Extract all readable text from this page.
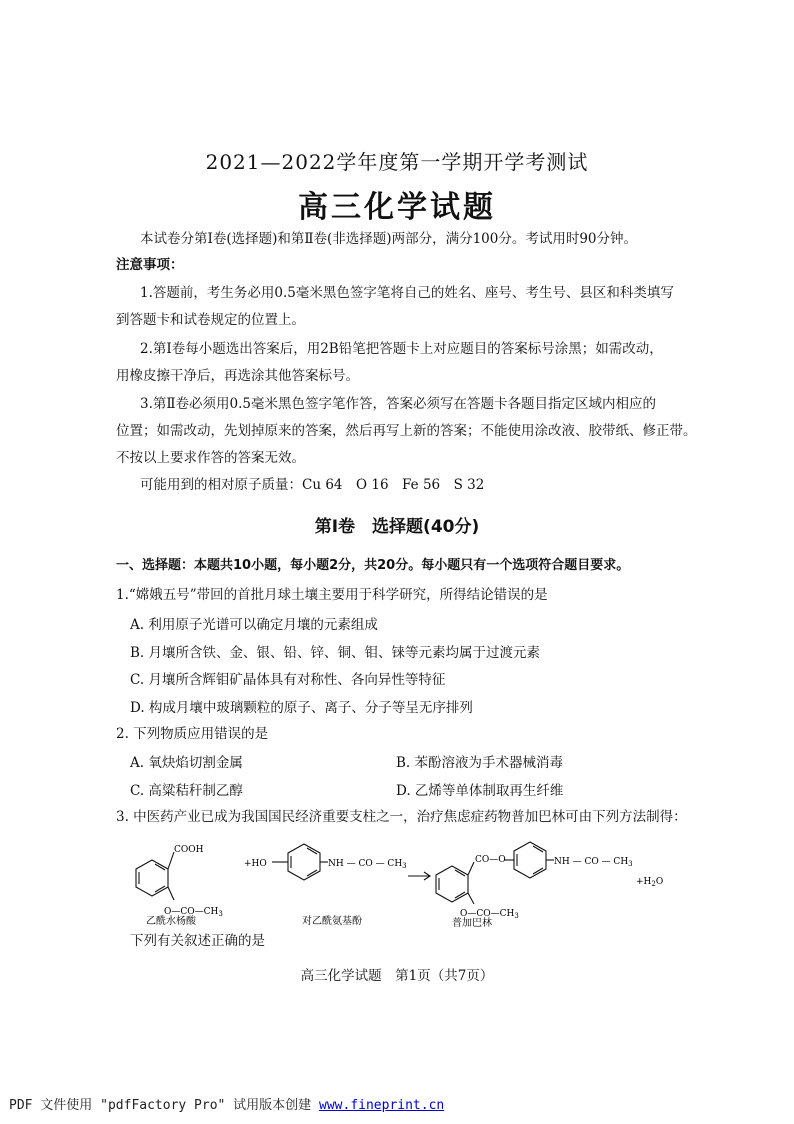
2021—2022学年度第一学期开学考测试
高三化学试题
本试卷分第Ⅰ卷(选择题)和第Ⅱ卷(非选择题)两部分，满分100分。考试用时90分钟。
注意事项：
1.答题前，考生务必用0.5毫米黑色签字笔将自己的姓名、座号、考生号、县区和科类填写
到答题卡和试卷规定的位置上。
2.第Ⅰ卷每小题选出答案后，用2B铅笔把答题卡上对应题目的答案标号涂黑；如需改动，
用橡皮擦干净后，再选涂其他答案标号。
3.第Ⅱ卷必须用0.5毫米黑色签字笔作答，答案必须写在答题卡各题目指定区域内相应的
位置；如需改动，先划掉原来的答案，然后再写上新的答案；不能使用涂改液、胶带纸、修正带。
不按以上要求作答的答案无效。
可能用到的相对原子质量：Cu 64　O 16　Fe 56　S 32
第Ⅰ卷　选择题(40分)
一、选择题：本题共10小题，每小题2分，共20分。每小题只有一个选项符合题目要求。
1.“嫦娥五号”带回的首批月球土壤主要用于科学研究，所得结论错误的是
A. 利用原子光谱可以确定月壤的元素组成
B. 月壤所含铁、金、银、铅、锌、铜、钼、铼等元素均属于过渡元素
C. 月壤所含辉钼矿晶体具有对称性、各向异性等特征
D. 构成月壤中玻璃颗粒的原子、离子、分子等呈无序排列
2. 下列物质应用错误的是
A. 氧炔焰切割金属	B. 苯酚溶液为手术器械消毒
C. 高粱秸秆制乙醇	D. 乙烯等单体制取再生纤维
3. 中医药产业已成为我国国民经济重要支柱之一，治疗焦虑症药物普加巴林可由下列方法制得：
COOH
$O—CO—CH_3$
+HO	NH — CO — $CH_3$
CO—O	NH — CO — $CH_3$
$O—CO—CH_3$
$+H_2O$
乙酰水杨酸	对乙酰氨基酚	普加巴林
下列有关叙述正确的是
高三化学试题　第1页（共7页）
PDF 文件使用 "pdfFactory Pro" 试用版本创建 www.fineprint.cn
